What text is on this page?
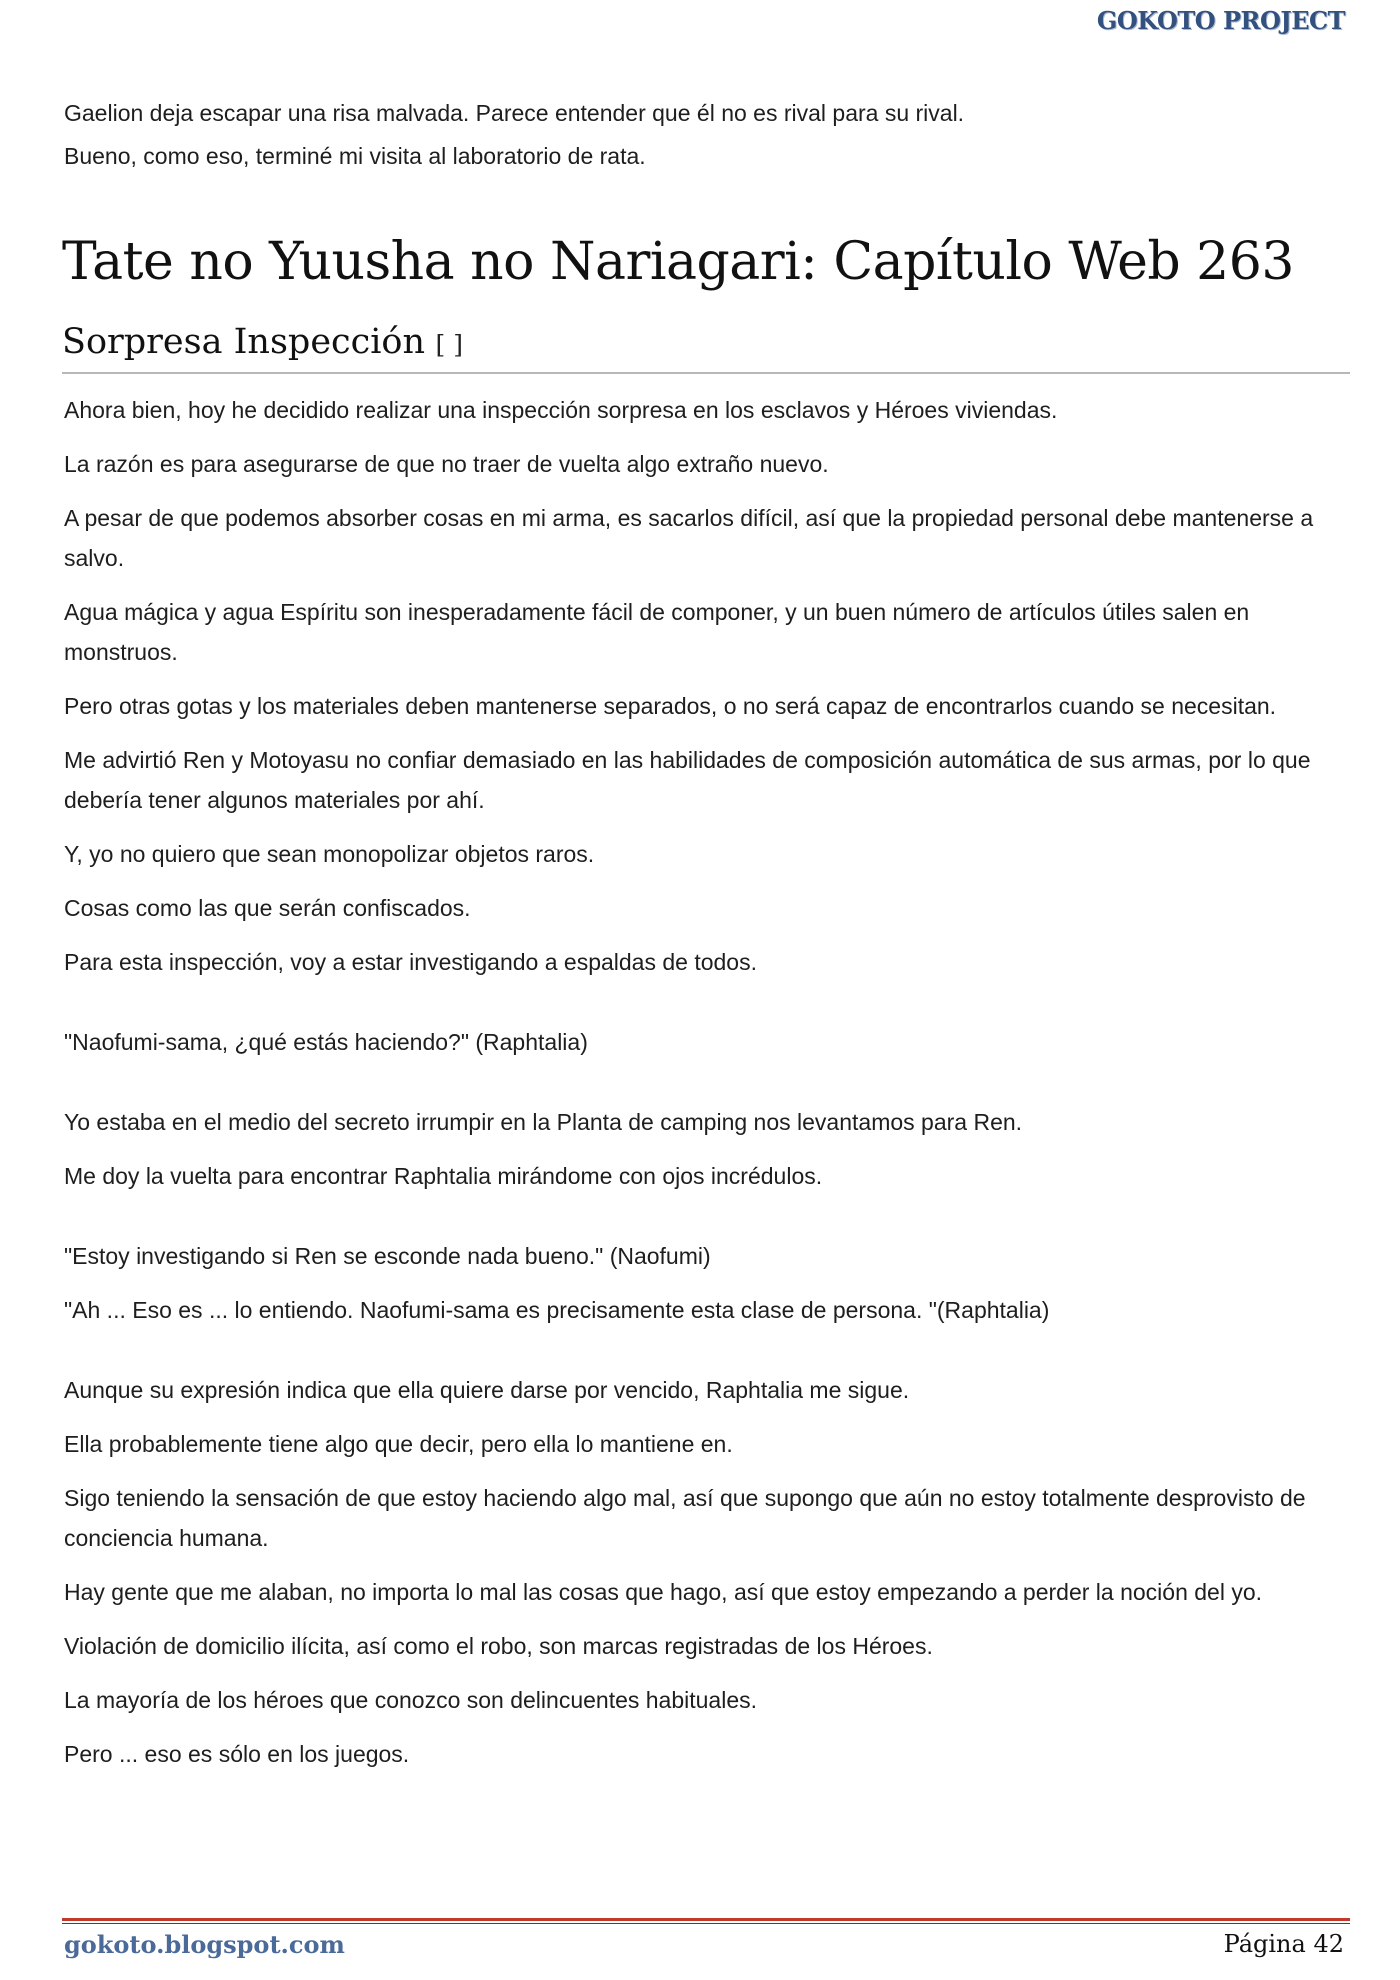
GOKOTO PROJECT

Gaelion deja escapar una risa malvada. Parece entender que él no es rival para su rival.

Bueno, como eso, terminé mi visita al laboratorio de rata.

Tate no Yuusha no Nariagari: Capítulo Web 263
Sorpresa Inspección [ ]

Ahora bien, hoy he decidido realizar una inspección sorpresa en los esclavos y Héroes viviendas.

La razón es para asegurarse de que no traer de vuelta algo extraño nuevo.

A pesar de que podemos absorber cosas en mi arma, es sacarlos difícil, así que la propiedad personal debe mantenerse a salvo.

Agua mágica y agua Espíritu son inesperadamente fácil de componer, y un buen número de artículos útiles salen en monstruos.

Pero otras gotas y los materiales deben mantenerse separados, o no será capaz de encontrarlos cuando se necesitan.

Me advirtió Ren y Motoyasu no confiar demasiado en las habilidades de composición automática de sus armas, por lo que debería tener algunos materiales por ahí.

Y, yo no quiero que sean monopolizar objetos raros.

Cosas como las que serán confiscados.

Para esta inspección, voy a estar investigando a espaldas de todos.

"Naofumi-sama, ¿qué estás haciendo?" (Raphtalia)

Yo estaba en el medio del secreto irrumpir en la Planta de camping nos levantamos para Ren.

Me doy la vuelta para encontrar Raphtalia mirándome con ojos incrédulos.

"Estoy investigando si Ren se esconde nada bueno." (Naofumi)

"Ah ... Eso es ... lo entiendo. Naofumi-sama es precisamente esta clase de persona. "(Raphtalia)

Aunque su expresión indica que ella quiere darse por vencido, Raphtalia me sigue.

Ella probablemente tiene algo que decir, pero ella lo mantiene en.

Sigo teniendo la sensación de que estoy haciendo algo mal, así que supongo que aún no estoy totalmente desprovisto de conciencia humana.

Hay gente que me alaban, no importa lo mal las cosas que hago, así que estoy empezando a perder la noción del yo.

Violación de domicilio ilícita, así como el robo, son marcas registradas de los Héroes.

La mayoría de los héroes que conozco son delincuentes habituales.

Pero ... eso es sólo en los juegos.

gokoto.blogspot.com	Página 42
